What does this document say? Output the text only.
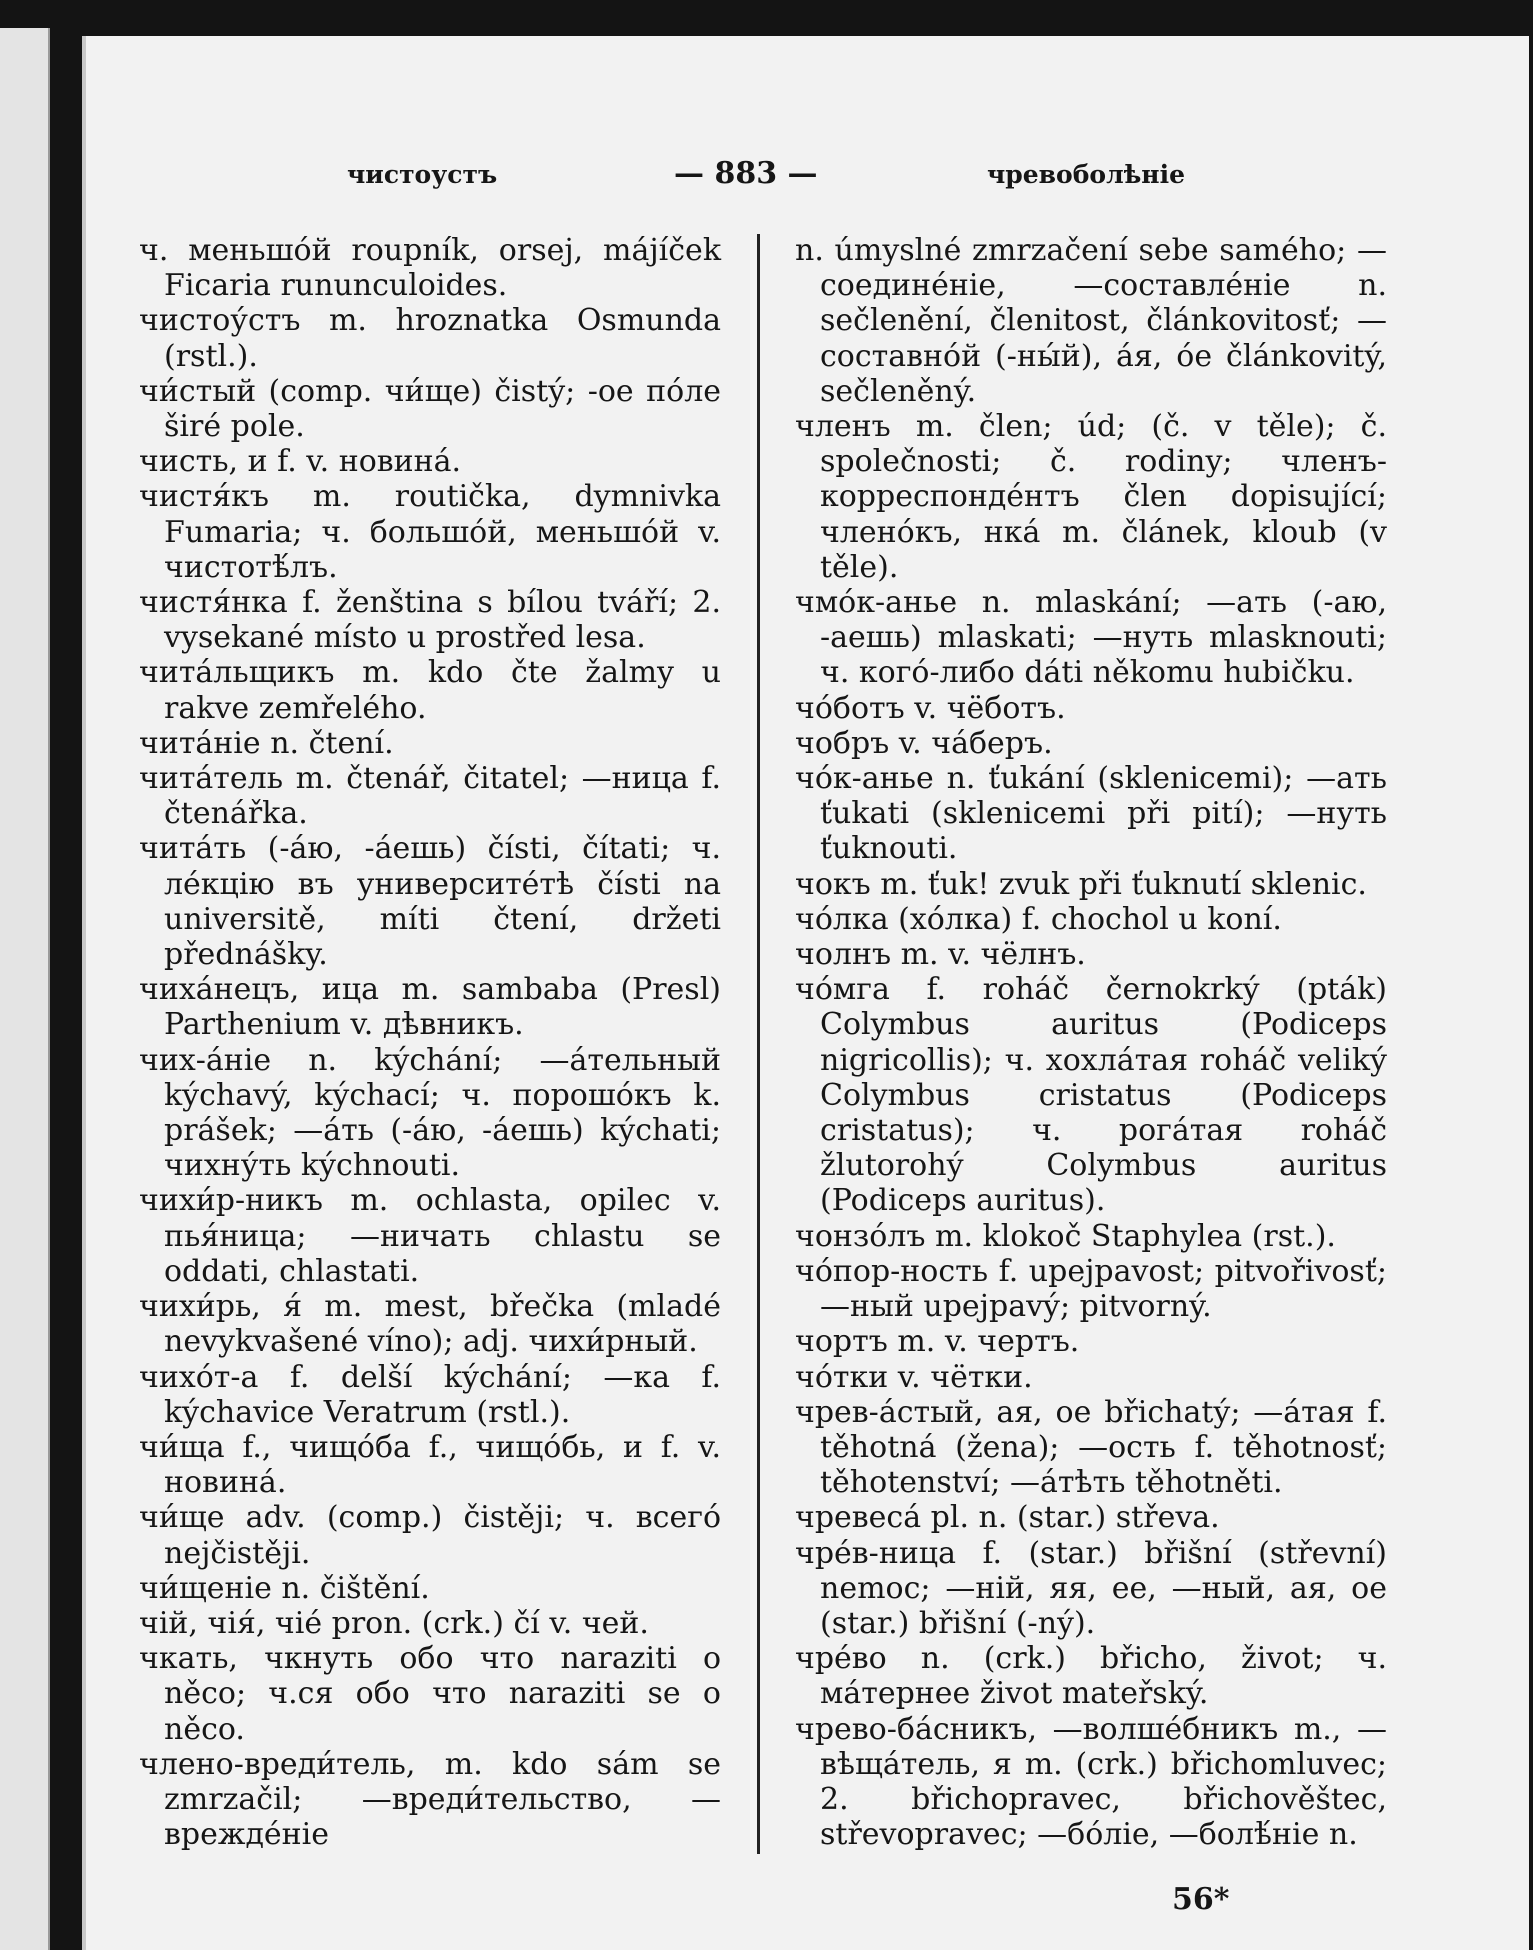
чистоустъ	— 883 —	чревоболѣніе

ч. меньшо́й roupník, orsej, májíček Ficaria rununculoides.

чистоу́стъ m. hroznatka Osmunda (rstl.).

чи́стый (comp. чи́ще) čistý; -ое по́ле širé pole.

чисть, и f. v. новина́.

чистя́къ m. routička, dymnivka Fumaria; ч. большо́й, меньшо́й v. чистотѣ́лъ.

чистя́нка f. ženština s bílou tváří; 2. vysekané místo u prostřed lesa.

чита́льщикъ m. kdo čte žalmy u rakve zemřelého.

чита́ніе n. čtení.

чита́тель m. čtenář, čitatel; —ница f. čtenářka.

чита́ть (-а́ю, -а́ешь) čísti, čítati; ч. ле́кцію въ университе́тѣ čísti na universitě, míti čtení, držeti přednášky.

чиха́нецъ, ица m. sambaba (Presl) Parthenium v. дѣвникъ.

чих-а́ніе n. kýchání; —а́тельный kýchavý, kýchací; ч. порошо́къ k. prášek; —а́ть (-а́ю, -а́ешь) kýchati; чихну́ть kýchnouti.

чихи́р-никъ m. ochlasta, opilec v. пья́ница; —ничать chlastu se oddati, chlastati.

чихи́рь, я́ m. mest, břečka (mladé nevykvašené víno); adj. чихи́рный.

чихо́т-а f. delší kýchání; —ка f. kýchavice Veratrum (rstl.).

чи́ща f., чищо́ба f., чищо́бь, и f. v. новина́.

чи́ще adv. (comp.) čistěji; ч. всего́ nejčistěji.

чи́щеніе n. čištění.

чій, чія́, чіе́ pron. (crk.) čí v. чей.

чкать, чкнуть обо что naraziti o něco; ч.ся обо что naraziti se o něco.

члено-вреди́тель, m. kdo sám se zmrzačil; —вреди́тельство, —врежде́ніе

n. úmyslné zmrzačení sebe samého; —соедине́ніе, —составле́ніе n. sečlenění, členitost, článkovitosť; —составно́й (-ны́й), а́я, о́е článkovitý, sečleněný.

членъ m. člen; úd; (č. v těle); č. společnosti; č. rodiny; членъ-корреспонде́нтъ člen dopisující; члено́къ, нка́ m. článek, kloub (v těle).

чмо́к-анье n. mlaskání; —ать (-аю, -аешь) mlaskati; —нуть mlasknouti; ч. кого́-либо dáti někomu hubičku.

чо́ботъ v. чёботъ.

чобръ v. ча́беръ.

чо́к-анье n. ťukání (sklenicemi); —ать ťukati (sklenicemi při pití); —нуть ťuknouti.

чокъ m. ťuk! zvuk při ťuknutí sklenic.

чо́лка (хо́лка) f. chochol u koní.

чолнъ m. v. чёлнъ.

чо́мга f. roháč černokrký (pták) Colymbus auritus (Podiceps nigricollis); ч. хохла́тая roháč veliký Colymbus cristatus (Podiceps cristatus); ч. рога́тая roháč žlutorohý Colymbus auritus (Podiceps auritus).

чонзо́лъ m. klokoč Staphylea (rst.).

чо́пор-ность f. upejpavost; pitvořivosť; —ный upejpavý; pitvorný.

чортъ m. v. чертъ.

чо́тки v. чётки.

чрев-а́стый, ая, ое břichatý; —а́тая f. těhotná (žena); —ость f. těhotnosť; těhotenství; —а́тѣть těhotněti.

чревеса́ pl. n. (star.) střeva.

чре́в-ница f. (star.) břišní (střevní) nemoc; —ній, яя, ее, —ный, ая, ое (star.) břišní (-ný).

чре́во n. (crk.) břicho, život; ч. ма́тернее život mateřský.

чрево-ба́сникъ, —волше́бникъ m., —вѣща́тель, я m. (crk.) břichomluvec; 2. břichopravec, břichověštec, střevopravec; —бо́ліе, —болѣ́ніе n.

56*
